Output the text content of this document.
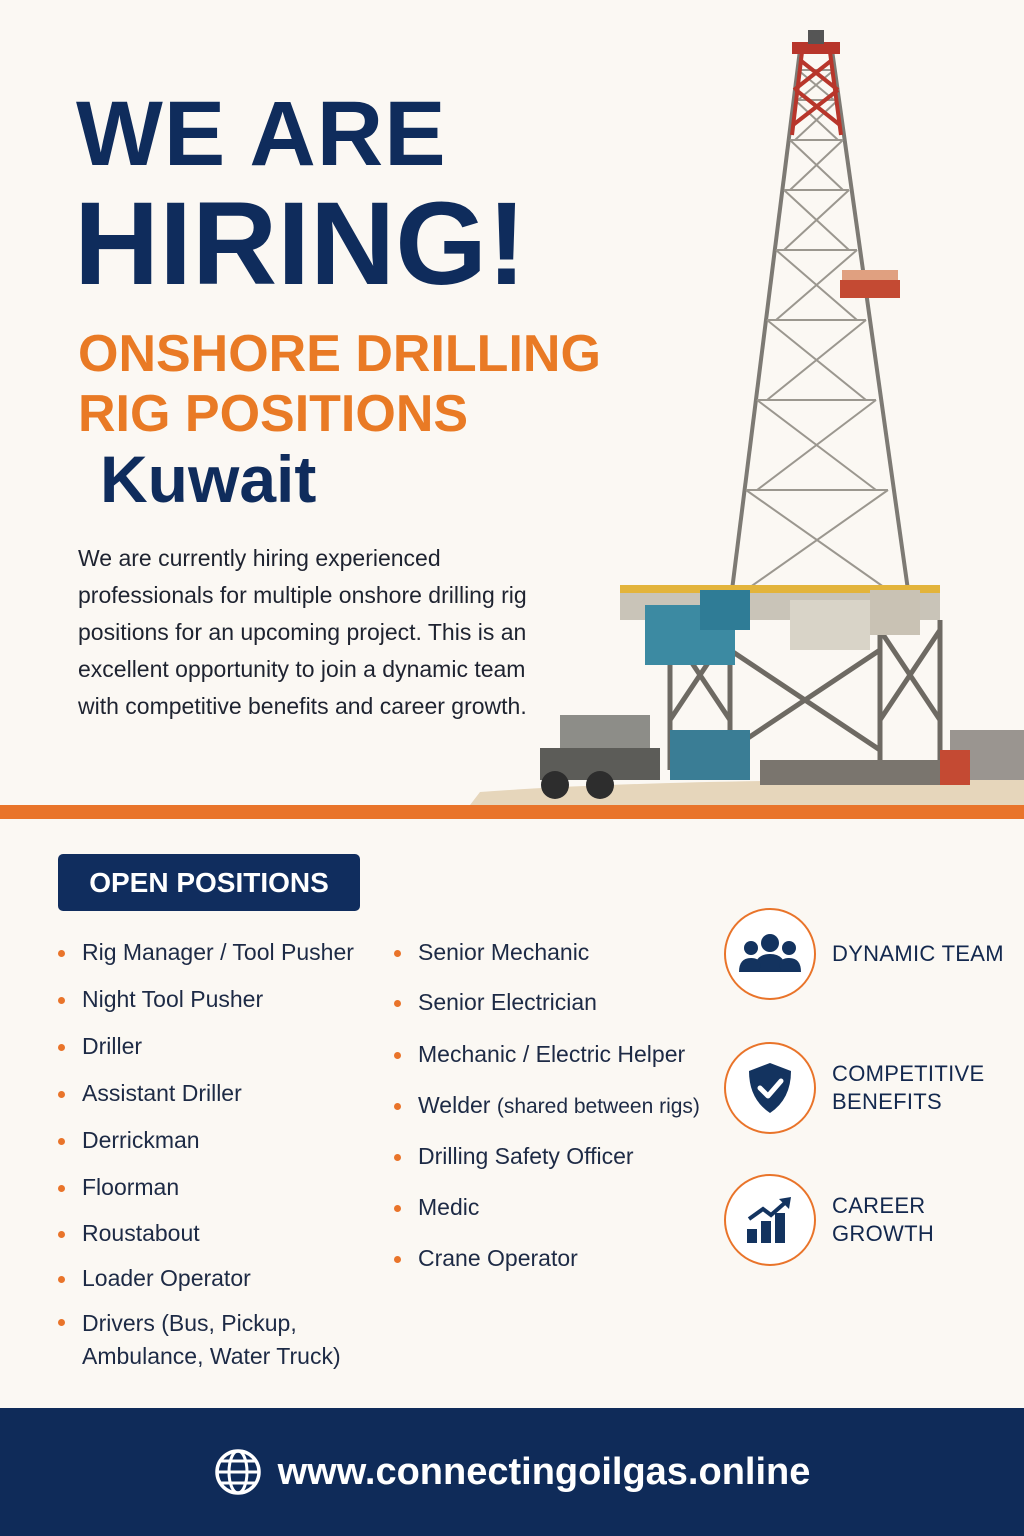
WE ARE
HIRING!
ONSHORE DRILLING
RIG POSITIONS
Kuwait

We are currently hiring experienced professionals for multiple onshore drilling rig positions for an upcoming project. This is an excellent opportunity to join a dynamic team with competitive benefits and career growth.

OPEN POSITIONS
Rig Manager / Tool Pusher
Night Tool Pusher
Driller
Assistant Driller
Derrickman
Floorman
Roustabout
Loader Operator
Drivers (Bus, Pickup, Ambulance, Water Truck)
Senior Mechanic
Senior Electrician
Mechanic / Electric Helper
Welder (shared between rigs)
Drilling Safety Officer
Medic
Crane Operator
DYNAMIC TEAM
COMPETITIVE
BENEFITS
CAREER
GROWTH
www.connectingoilgas.online
